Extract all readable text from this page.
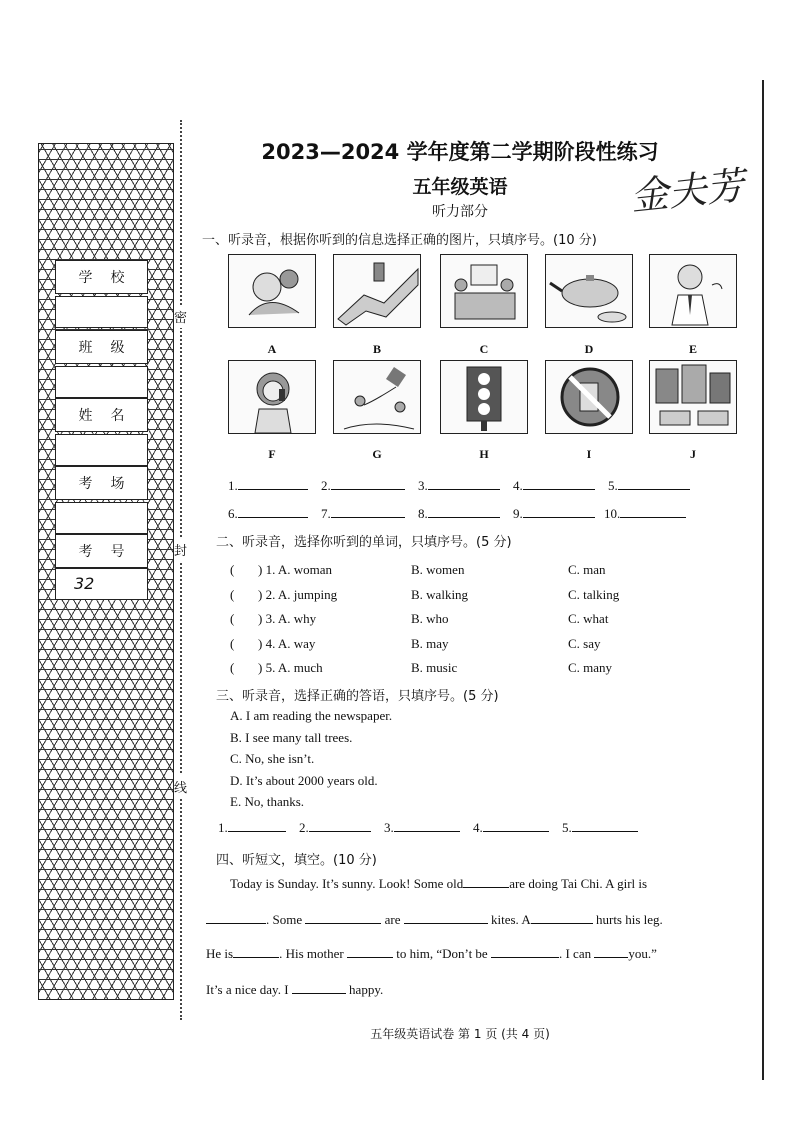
学校
班级
姓名
考场
考号
32
密
封
线
2023—2024 学年度第二学期阶段性练习
五年级英语
听力部分	金夫芳
一、听录音，根据你听到的信息选择正确的图片，只填序号。(10 分)
A	B	C	D	E
F	G	H	I	J
1.	2.	3.	4.	5.
6.	7.	8.	9.	10.
二、听录音，选择你听到的单词，只填序号。(5 分)
( ) 1. A. woman	B. women	C. man
( ) 2. A. jumping	B. walking	C. talking
( ) 3. A. why	B. who	C. what
( ) 4. A. way	B. may	C. say
( ) 5. A. much	B. music	C. many
三、听录音，选择正确的答语，只填序号。(5 分)
A. I am reading the newspaper.
B. I see many tall trees.
C. No, she isn’t.
D. It’s about 2000 years old.
E. No, thanks.
1.	2.	3.	4.	5.
四、听短文，填空。(10 分)
Today is Sunday. It’s sunny. Look! Some old	are doing Tai Chi. A girl is
. Some	are	kites. A	hurts his leg.
He is	. His mother	to him, “Don’t be	. I can	you.”
It’s a nice day. I	happy.
五年级英语试卷 第 1 页 (共 4 页)
